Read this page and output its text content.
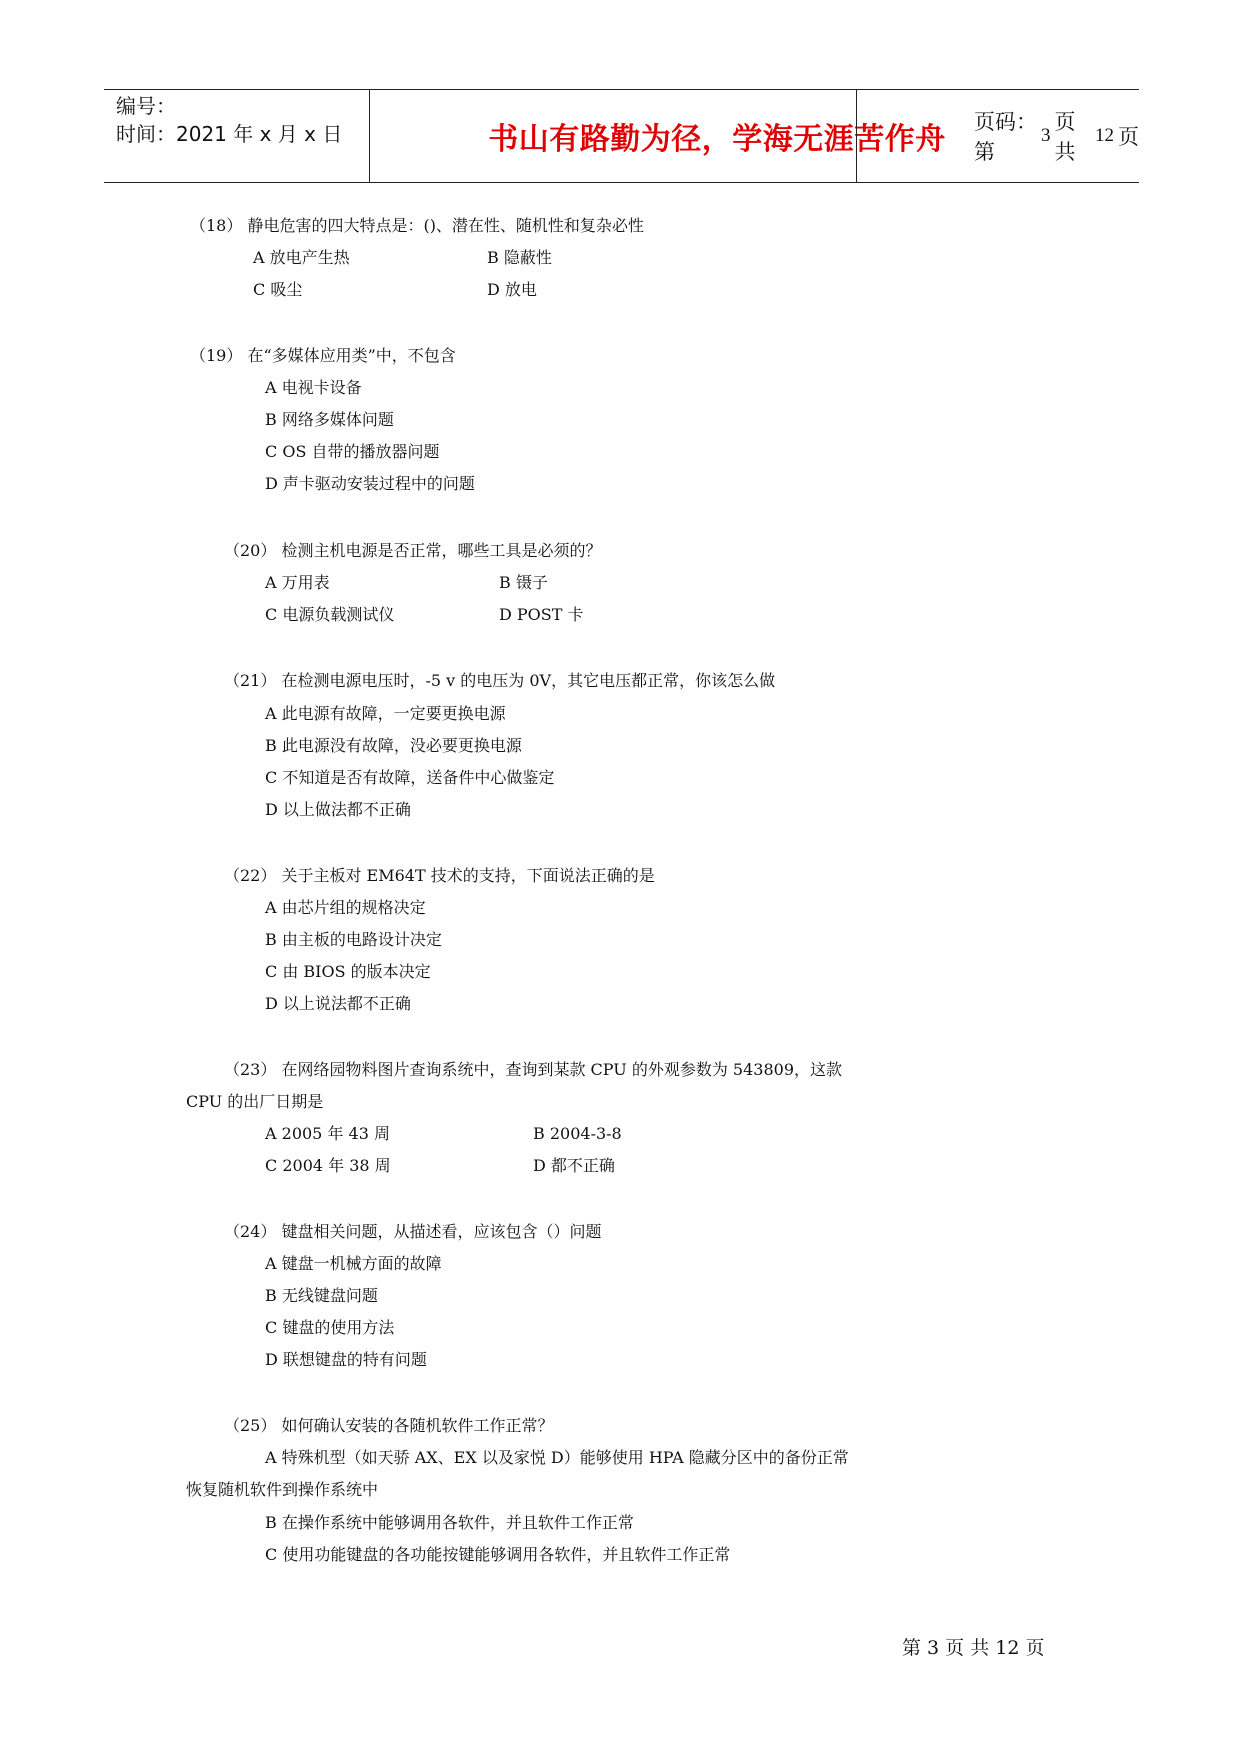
编号：
时间：2021 年 x 月 x 日	书山有路勤为径，学海无涯苦作舟	页码：第
3
页 共
12 页
（18） 静电危害的四大特点是：()、潜在性、随机性和复杂必性
A 放电产生热	B 隐蔽性
C 吸尘	D 放电
（19） 在“多媒体应用类”中，不包含
A 电视卡设备
B 网络多媒体问题
C OS 自带的播放器问题
D 声卡驱动安装过程中的问题
（20） 检测主机电源是否正常，哪些工具是必须的？
A 万用表	B 镊子
C 电源负载测试仪	D POST 卡
（21） 在检测电源电压时，-5 v 的电压为 0V，其它电压都正常，你该怎么做
A 此电源有故障，一定要更换电源
B 此电源没有故障，没必要更换电源
C 不知道是否有故障，送备件中心做鉴定
D 以上做法都不正确
（22） 关于主板对 EM64T 技术的支持，下面说法正确的是
A 由芯片组的规格决定
B 由主板的电路设计决定
C 由 BIOS 的版本决定
D 以上说法都不正确
（23） 在网络园物料图片查询系统中，查询到某款 CPU 的外观参数为 543809，这款
CPU 的出厂日期是
A 2005 年 43 周	B 2004-3-8
C 2004 年 38 周	D 都不正确
（24） 键盘相关问题，从描述看，应该包含（）问题
A 键盘一机械方面的故障
B 无线键盘问题
C 键盘的使用方法
D 联想键盘的特有问题
（25） 如何确认安装的各随机软件工作正常？
A 特殊机型（如天骄 AX、EX 以及家悦 D）能够使用 HPA 隐藏分区中的备份正常
恢复随机软件到操作系统中
B 在操作系统中能够调用各软件，并且软件工作正常
C 使用功能键盘的各功能按键能够调用各软件，并且软件工作正常
第 3 页 共 12 页
